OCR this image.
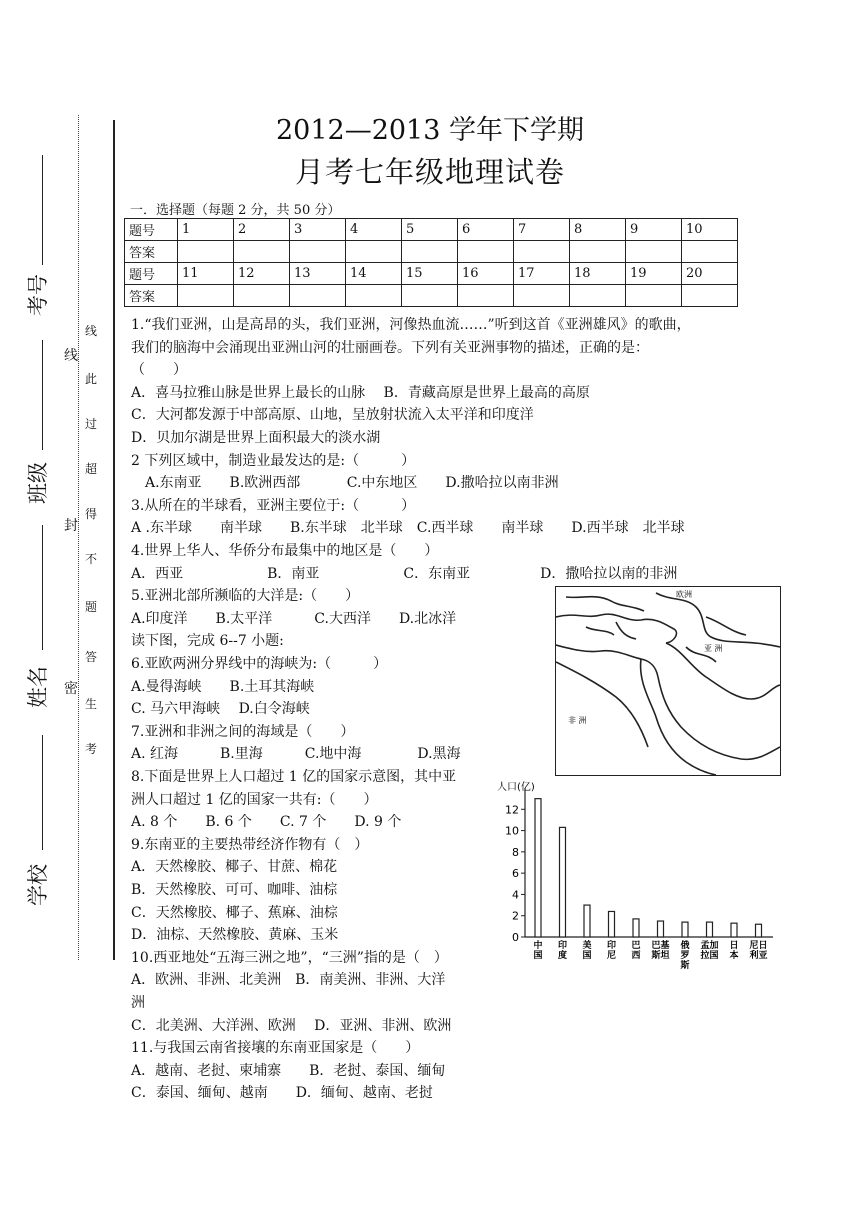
2012—2013 学年下学期
月考七年级地理试卷
一．选择题（每题 2 分，共 50 分）
题号	1	2	3	4	5	6	7	8	9	10
答案										
题号	11	12	13	14	15	16	17	18	19	20
答案										
考号
班级
姓名
学校
线
封
密
线
此
过
超
得
不
题
答
生
考
1.“我们亚洲，山是高昂的头，我们亚洲，河像热血流……”听到这首《亚洲雄风》的歌曲，
我们的脑海中会涌现出亚洲山河的壮丽画卷。下列有关亚洲事物的描述，正确的是：
（　　）
A．喜马拉雅山脉是世界上最长的山脉　 B．青藏高原是世界上最高的高原
C．大河都发源于中部高原、山地，呈放射状流入太平洋和印度洋
D．贝加尔湖是世界上面积最大的淡水湖
2 下列区域中，制造业最发达的是:（　　　）
　A.东南亚　　B.欧洲西部　　　 C.中东地区　　D.撒哈拉以南非洲
3.从所在的半球看，亚洲主要位于:（　　　）
A .东半球　　南半球　　B.东半球　北半球　C.西半球　　南半球　　D.西半球　北半球
4.世界上华人、华侨分布最集中的地区是（　　）
A．西亚　　　　　　B．南亚　　　　　　C．东南亚　　　　　D．撒哈拉以南的非洲
5.亚洲北部所濒临的大洋是:（　　）
A.印度洋　　B.太平洋　　　C.大西洋　　D.北冰洋
读下图，完成 6--7 小题:
6.亚欧两洲分界线中的海峡为:（　　　）
A.曼得海峡　　B.土耳其海峡
C. 马六甲海峡　 D.白令海峡
7.亚洲和非洲之间的海域是（　　）
A. 红海　　　B.里海　　　C.地中海　　　　D.黑海
8.下面是世界上人口超过 1 亿的国家示意图，其中亚
洲人口超过 1 亿的国家一共有:（　　）
A. 8 个　　B. 6 个　　C. 7 个　　D. 9 个
9.东南亚的主要热带经济作物有（　）
A．天然橡胶、椰子、甘蔗、棉花
B．天然橡胶、可可、咖啡、油棕
C．天然橡胶、椰子、蕉麻、油棕
D．油棕、天然橡胶、黄麻、玉米
10.西亚地处“五海三洲之地”，“三洲”指的是（　）
A．欧洲、非洲、北美洲　B．南美洲、非洲、大洋
洲
C．北美洲、大洋洲、欧洲　 D．亚洲、非洲、欧洲
11.与我国云南省接壤的东南亚国家是（　　）
A．越南、老挝、柬埔寨　　B．老挝、泰国、缅甸
C．泰国、缅甸、越南　　D．缅甸、越南、老挝
欧洲
亚 洲
非 洲
人口(亿)
0
2
4
6
8
10
12
中
国
印
度
美
国
印
尼
巴
西
巴基
斯坦
俄
罗
斯
孟加
拉国
日
本
尼日
利亚
